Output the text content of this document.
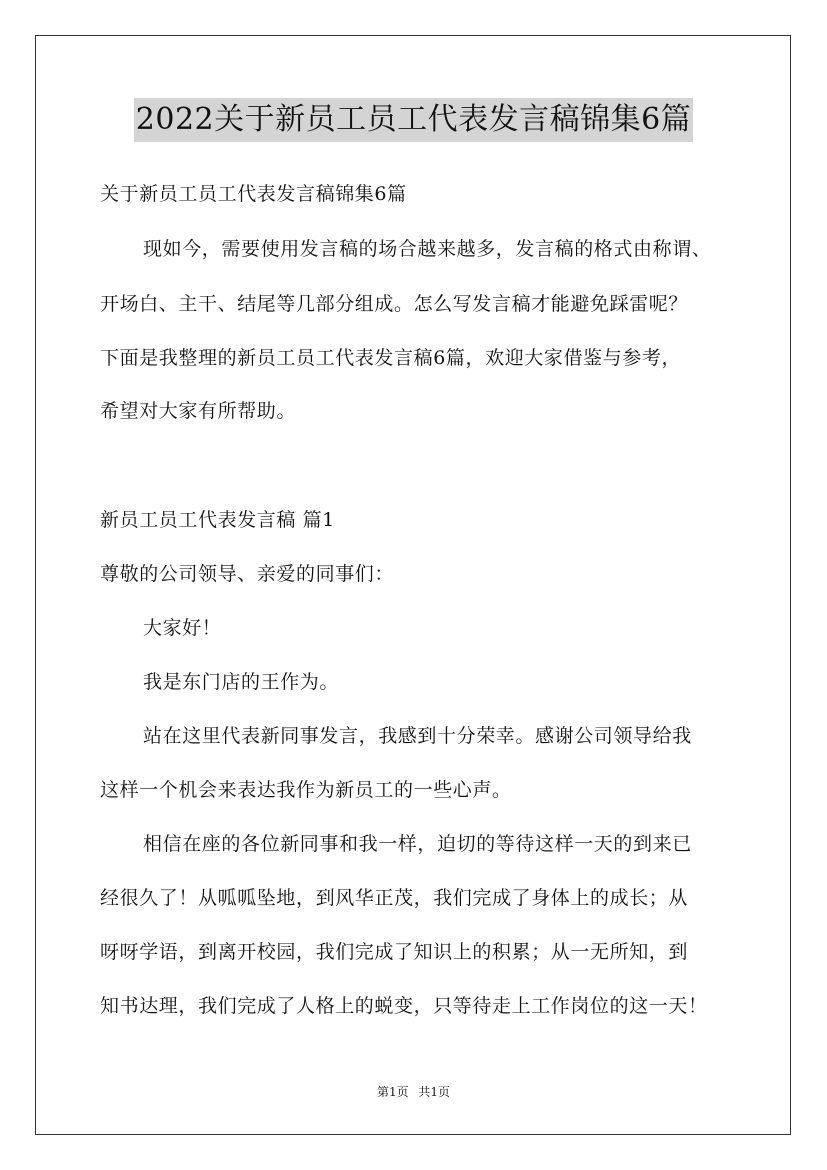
2022关于新员工员工代表发言稿锦集6篇
关于新员工员工代表发言稿锦集6篇
现如今，需要使用发言稿的场合越来越多，发言稿的格式由称谓、
开场白、主干、结尾等几部分组成。怎么写发言稿才能避免踩雷呢？
下面是我整理的新员工员工代表发言稿6篇，欢迎大家借鉴与参考，
希望对大家有所帮助。
新员工员工代表发言稿 篇1
尊敬的公司领导、亲爱的同事们：
大家好！
我是东门店的王作为。
站在这里代表新同事发言，我感到十分荣幸。感谢公司领导给我
这样一个机会来表达我作为新员工的一些心声。
相信在座的各位新同事和我一样，迫切的等待这样一天的到来已
经很久了！从呱呱坠地，到风华正茂，我们完成了身体上的成长；从
呀呀学语，到离开校园，我们完成了知识上的积累；从一无所知，到
知书达理，我们完成了人格上的蜕变，只等待走上工作岗位的这一天！
第1页 共1页
